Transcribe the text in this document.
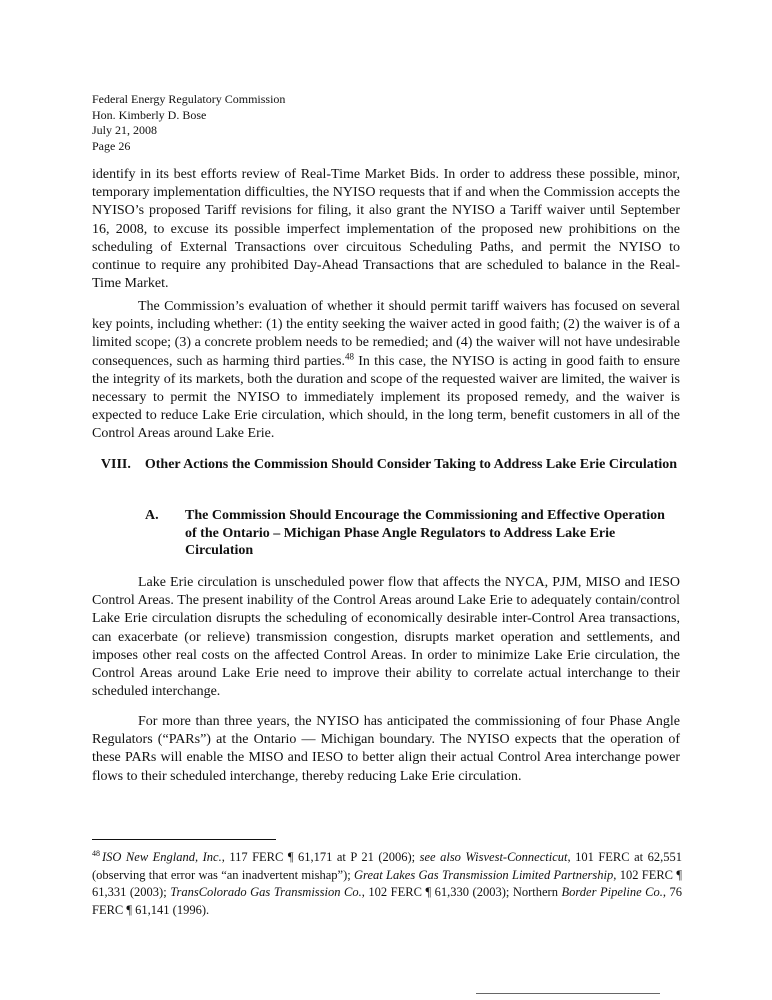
Federal Energy Regulatory Commission
Hon. Kimberly D. Bose
July 21, 2008
Page 26

identify in its best efforts review of Real-Time Market Bids. In order to address these possible, minor, temporary implementation difficulties, the NYISO requests that if and when the Commission accepts the NYISO’s proposed Tariff revisions for filing, it also grant the NYISO a Tariff waiver until September 16, 2008, to excuse its possible imperfect implementation of the proposed new prohibitions on the scheduling of External Transactions over circuitous Scheduling Paths, and permit the NYISO to continue to require any prohibited Day-Ahead Transactions that are scheduled to balance in the Real-Time Market.

The Commission’s evaluation of whether it should permit tariff waivers has focused on several key points, including whether: (1) the entity seeking the waiver acted in good faith; (2) the waiver is of a limited scope; (3) a concrete problem needs to be remedied; and (4) the waiver will not have undesirable consequences, such as harming third parties.$^{48}$ In this case, the NYISO is acting in good faith to ensure the integrity of its markets, both the duration and scope of the requested waiver are limited, the waiver is necessary to permit the NYISO to immediately implement its proposed remedy, and the waiver is expected to reduce Lake Erie circulation, which should, in the long term, benefit customers in all of the Control Areas around Lake Erie.

VIII. Other Actions the Commission Should Consider Taking to Address Lake Erie Circulation
A. The Commission Should Encourage the Commissioning and Effective Operation of the Ontario – Michigan Phase Angle Regulators to Address Lake Erie Circulation

Lake Erie circulation is unscheduled power flow that affects the NYCA, PJM, MISO and IESO Control Areas. The present inability of the Control Areas around Lake Erie to adequately contain/control Lake Erie circulation disrupts the scheduling of economically desirable inter-Control Area transactions, can exacerbate (or relieve) transmission congestion, disrupts market operation and settlements, and imposes other real costs on the affected Control Areas. In order to minimize Lake Erie circulation, the Control Areas around Lake Erie need to improve their ability to correlate actual interchange to their scheduled interchange.

For more than three years, the NYISO has anticipated the commissioning of four Phase Angle Regulators (“PARs”) at the Ontario — Michigan boundary. The NYISO expects that the operation of these PARs will enable the MISO and IESO to better align their actual Control Area interchange power flows to their scheduled interchange, thereby reducing Lake Erie circulation.

$^{48}$ ISO New England, Inc., 117 FERC ¶ 61,171 at P 21 (2006); see also Wisvest-Connecticut, 101 FERC at 62,551 (observing that error was “an inadvertent mishap”); Great Lakes Gas Transmission Limited Partnership, 102 FERC ¶ 61,331 (2003); TransColorado Gas Transmission Co., 102 FERC ¶ 61,330 (2003); Northern Border Pipeline Co., 76 FERC ¶ 61,141 (1996).
